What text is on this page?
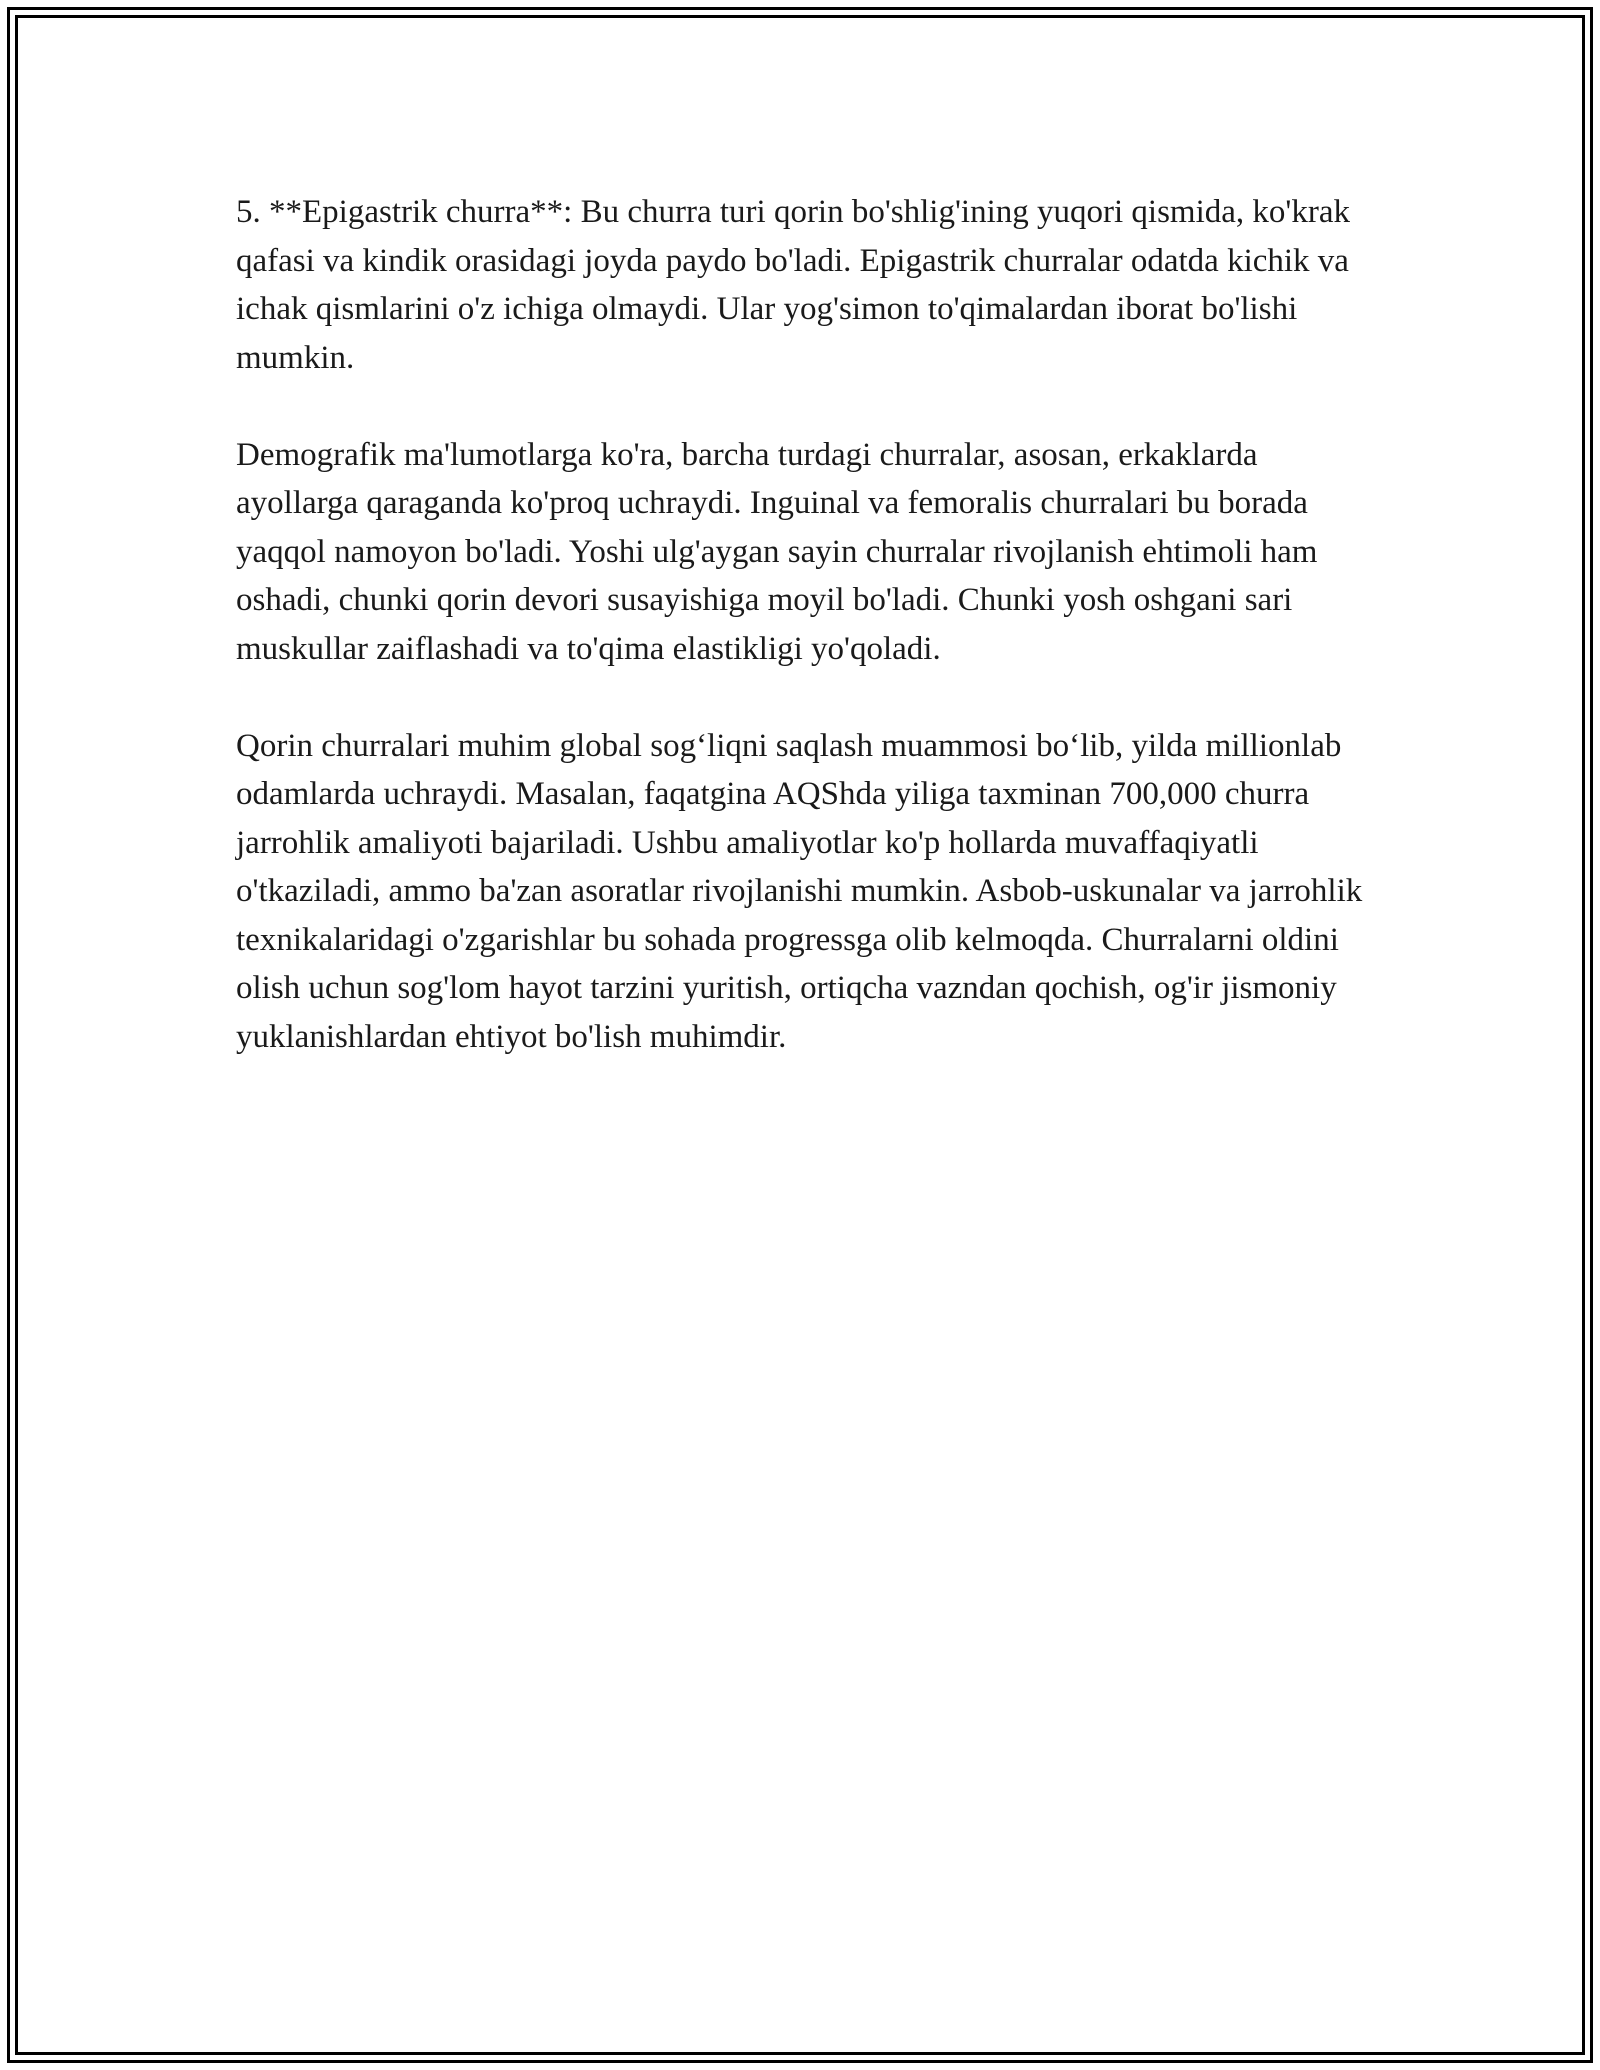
5. **Epigastrik churra**: Bu churra turi qorin bo'shlig'ining yuqori qismida, ko'krak qafasi va kindik orasidagi joyda paydo bo'ladi. Epigastrik churralar odatda kichik va ichak qismlarini o'z ichiga olmaydi. Ular yog'simon to'qimalardan iborat bo'lishi mumkin.

Demografik ma'lumotlarga ko'ra, barcha turdagi churralar, asosan, erkaklarda ayollarga qaraganda ko'proq uchraydi. Inguinal va femoralis churralari bu borada yaqqol namoyon bo'ladi. Yoshi ulg'aygan sayin churralar rivojlanish ehtimoli ham oshadi, chunki qorin devori susayishiga moyil bo'ladi. Chunki yosh oshgani sari muskullar zaiflashadi va to'qima elastikligi yo'qoladi.

Qorin churralari muhim global sog‘liqni saqlash muammosi bo‘lib, yilda millionlab odamlarda uchraydi. Masalan, faqatgina AQShda yiliga taxminan 700,000 churra jarrohlik amaliyoti bajariladi. Ushbu amaliyotlar ko'p hollarda muvaffaqiyatli o'tkaziladi, ammo ba'zan asoratlar rivojlanishi mumkin. Asbob-uskunalar va jarrohlik texnikalaridagi o'zgarishlar bu sohada progressga olib kelmoqda. Churralarni oldini olish uchun sog'lom hayot tarzini yuritish, ortiqcha vazndan qochish, og'ir jismoniy yuklanishlardan ehtiyot bo'lish muhimdir.
